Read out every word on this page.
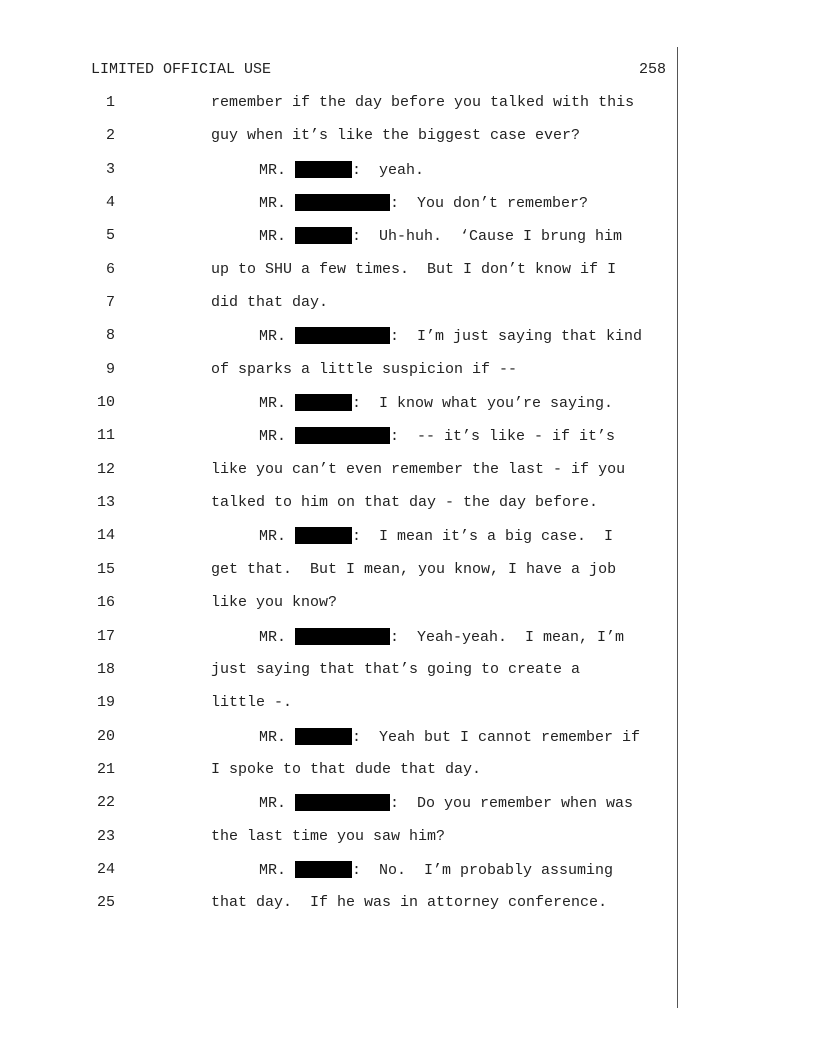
LIMITED OFFICIAL USE	258

1

	remember if the day before you talked with this

2

	guy when it’s like the biggest case ever?

3

	MR.	:  yeah.

4

	MR.	:  You don’t remember?

5

	MR.	:  Uh-huh.  ‘Cause I brung him

6

	up to SHU a few times.  But I don’t know if I

7

	did that day.

8

	MR.	:  I’m just saying that kind

9

	of sparks a little suspicion if --

10

	MR.	:  I know what you’re saying.

11

	MR.	:  -- it’s like - if it’s

12

	like you can’t even remember the last - if you

13

	talked to him on that day - the day before.

14

	MR.	:  I mean it’s a big case.  I

15

	get that.  But I mean, you know, I have a job

16

	like you know?

17

	MR.	:  Yeah-yeah.  I mean, I’m

18

	just saying that that’s going to create a

19

	little -.

20

	MR.	:  Yeah but I cannot remember if

21

	I spoke to that dude that day.

22

	MR.	:  Do you remember when was

23

	the last time you saw him?

24

	MR.	:  No.  I’m probably assuming

25

	that day.  If he was in attorney conference.
